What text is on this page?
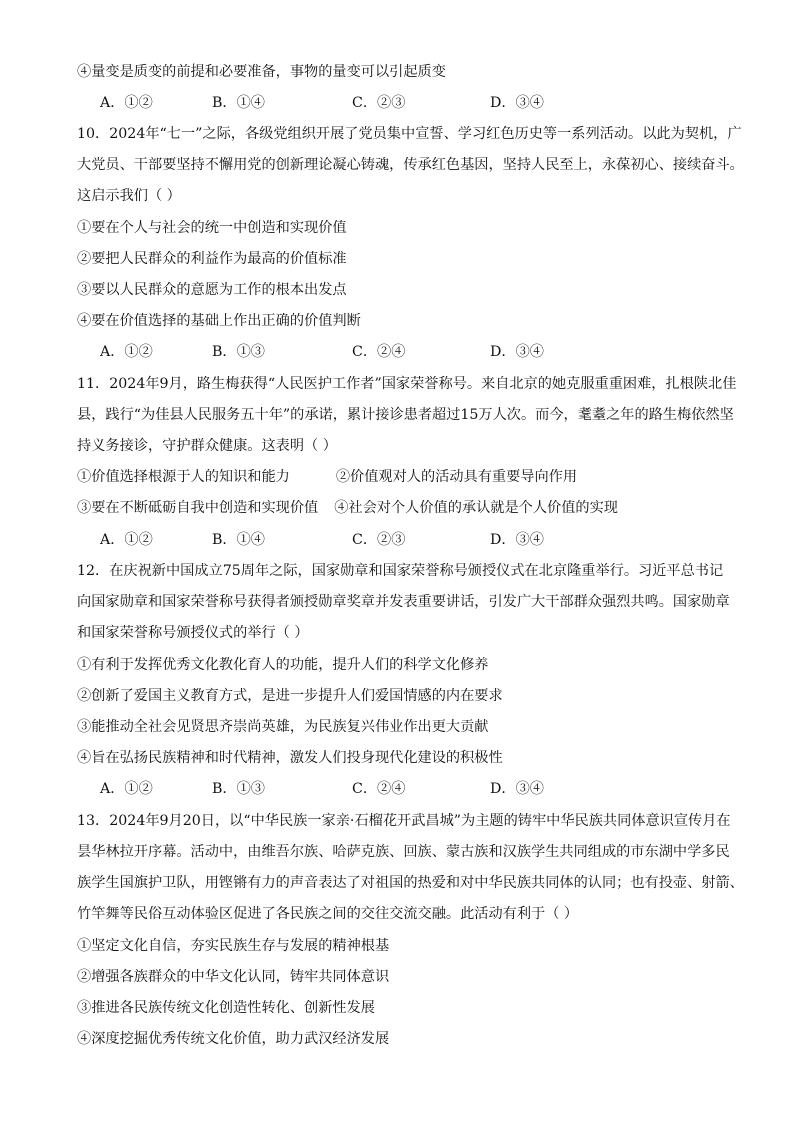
④量变是质变的前提和必要准备，事物的量变可以引起质变
A．①②	B．①④	C．②③	D．③④
10．2024年“七一”之际，各级党组织开展了党员集中宣誓、学习红色历史等一系列活动。以此为契机，广
大党员、干部要坚持不懈用党的创新理论凝心铸魂，传承红色基因，坚持人民至上，永葆初心、接续奋斗。
这启示我们（ ）
①要在个人与社会的统一中创造和实现价值
②要把人民群众的利益作为最高的价值标准
③要以人民群众的意愿为工作的根本出发点
④要在价值选择的基础上作出正确的价值判断
A．①②	B．①③	C．②④	D．③④
11．2024年9月，路生梅获得“人民医护工作者”国家荣誉称号。来自北京的她克服重重困难，扎根陕北佳
县，践行“为佳县人民服务五十年”的承诺，累计接诊患者超过15万人次。而今，耄耋之年的路生梅依然坚
持义务接诊，守护群众健康。这表明（ ）
①价值选择根源于人的知识和能力	②价值观对人的活动具有重要导向作用
③要在不断砥砺自我中创造和实现价值 ④社会对个人价值的承认就是个人价值的实现
A．①②	B．①④	C．②③	D．③④
12．在庆祝新中国成立75周年之际，国家勋章和国家荣誉称号颁授仪式在北京隆重举行。习近平总书记
向国家勋章和国家荣誉称号获得者颁授勋章奖章并发表重要讲话，引发广大干部群众强烈共鸣。国家勋章
和国家荣誉称号颁授仪式的举行（ ）
①有利于发挥优秀文化教化育人的功能，提升人们的科学文化修养
②创新了爱国主义教育方式，是进一步提升人们爱国情感的内在要求
③能推动全社会见贤思齐崇尚英雄，为民族复兴伟业作出更大贡献
④旨在弘扬民族精神和时代精神，激发人们投身现代化建设的积极性
A．①②	B．①③	C．②④	D．③④
13．2024年9月20日，以“中华民族一家亲·石榴花开武昌城”为主题的铸牢中华民族共同体意识宣传月在
昙华林拉开序幕。活动中，由维吾尔族、哈萨克族、回族、蒙古族和汉族学生共同组成的市东湖中学多民
族学生国旗护卫队，用铿锵有力的声音表达了对祖国的热爱和对中华民族共同体的认同；也有投壶、射箭、
竹竿舞等民俗互动体验区促进了各民族之间的交往交流交融。此活动有利于（ ）
①坚定文化自信，夯实民族生存与发展的精神根基
②增强各族群众的中华文化认同，铸牢共同体意识
③推进各民族传统文化创造性转化、创新性发展
④深度挖掘优秀传统文化价值，助力武汉经济发展
